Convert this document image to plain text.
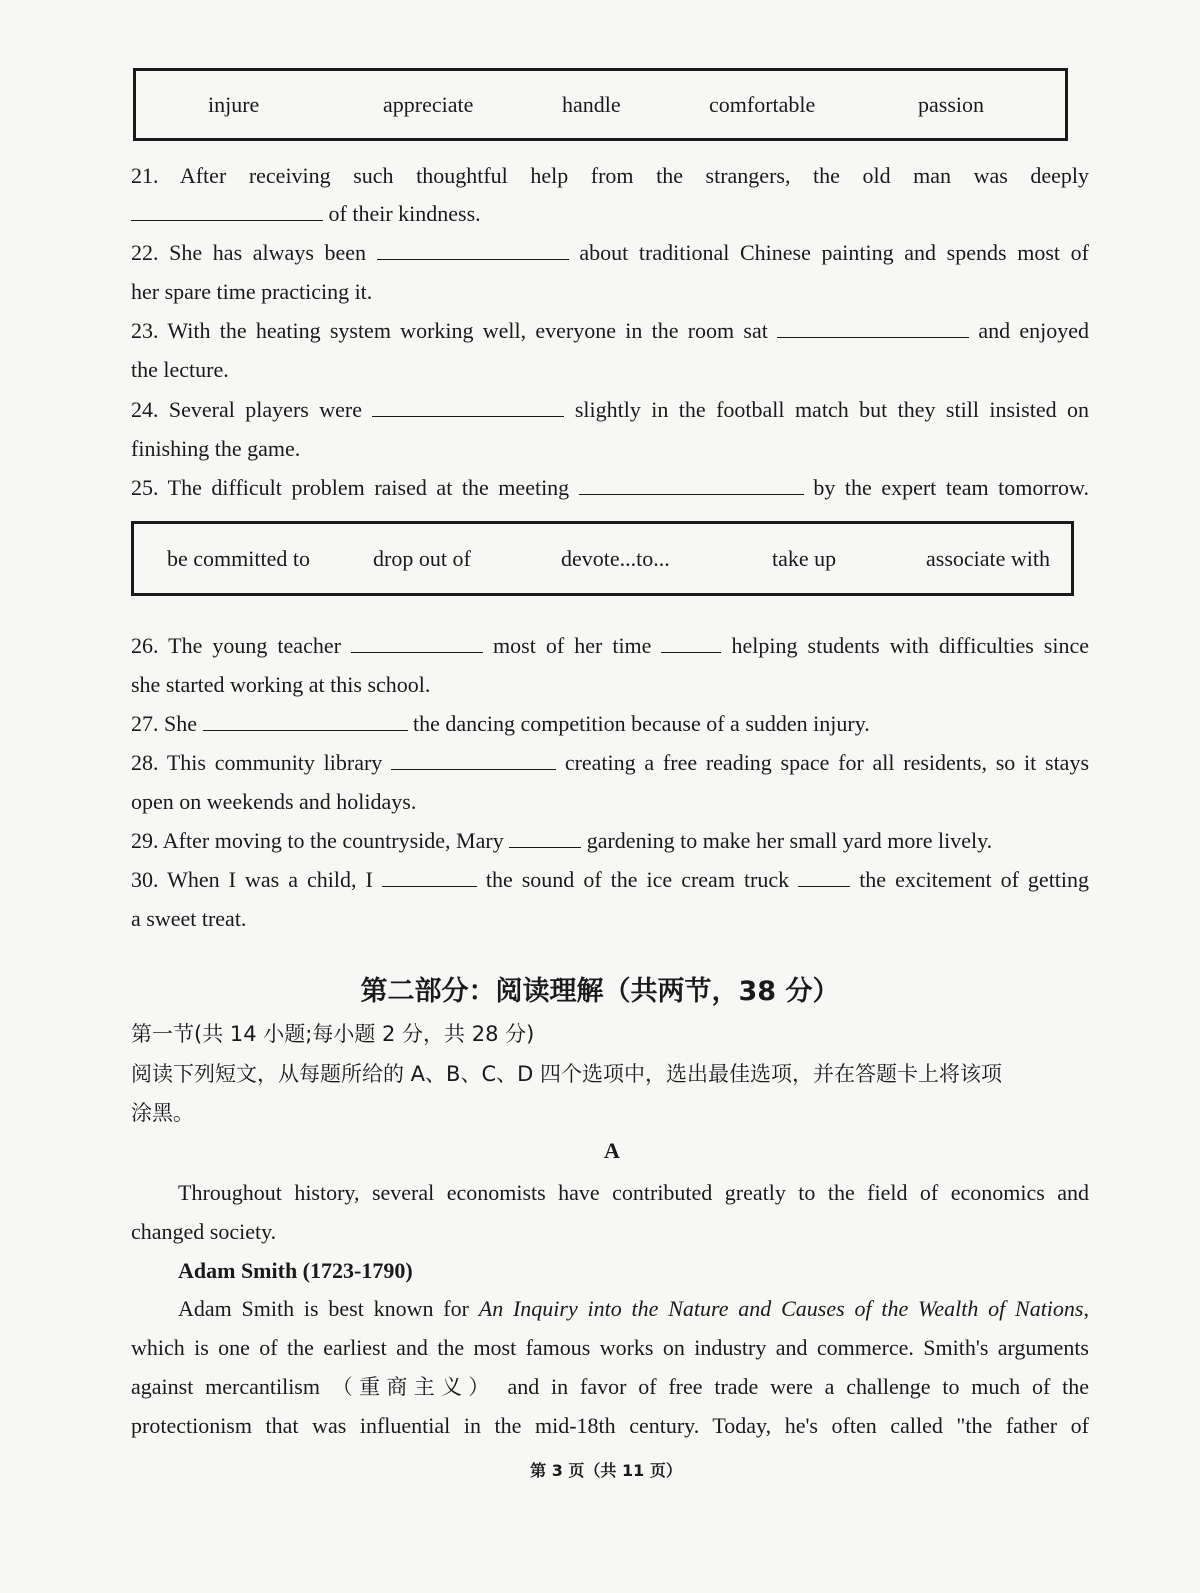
injure	appreciate	handle	comfortable	passion
21. After receiving such thoughtful help from the strangers, the old man was deeply
of their kindness.
22. She has always been	about traditional Chinese painting and spends most of
her spare time practicing it.
23. With the heating system working well, everyone in the room sat	and enjoyed
the lecture.
24. Several players were	slightly in the football match but they still insisted on
finishing the game.
25. The difficult problem raised at the meeting	by the expert team tomorrow.
be committed to	drop out of	devote...to...	take up	associate with
26. The young teacher	most of her time	helping students with difficulties since
she started working at this school.
27. She	the dancing competition because of a sudden injury.
28. This community library	creating a free reading space for all residents, so it stays
open on weekends and holidays.
29. After moving to the countryside, Mary	gardening to make her small yard more lively.
30. When I was a child, I	the sound of the ice cream truck	the excitement of getting
a sweet treat.
第二部分：阅读理解（共两节，38 分）
第一节(共 14 小题;每小题 2 分，共 28 分)
阅读下列短文，从每题所给的 A、B、C、D 四个选项中，选出最佳选项，并在答题卡上将该项
涂黑。
A
Throughout history, several economists have contributed greatly to the field of economics and
changed society.
Adam Smith (1723-1790)
Adam Smith is best known for An Inquiry into the Nature and Causes of the Wealth of Nations,
which is one of the earliest and the most famous works on industry and commerce. Smith's arguments
against mercantilism （重商主义） and in favor of free trade were a challenge to much of the
protectionism that was influential in the mid-18th century. Today, he's often called "the father of
第 3 页（共 11 页）
